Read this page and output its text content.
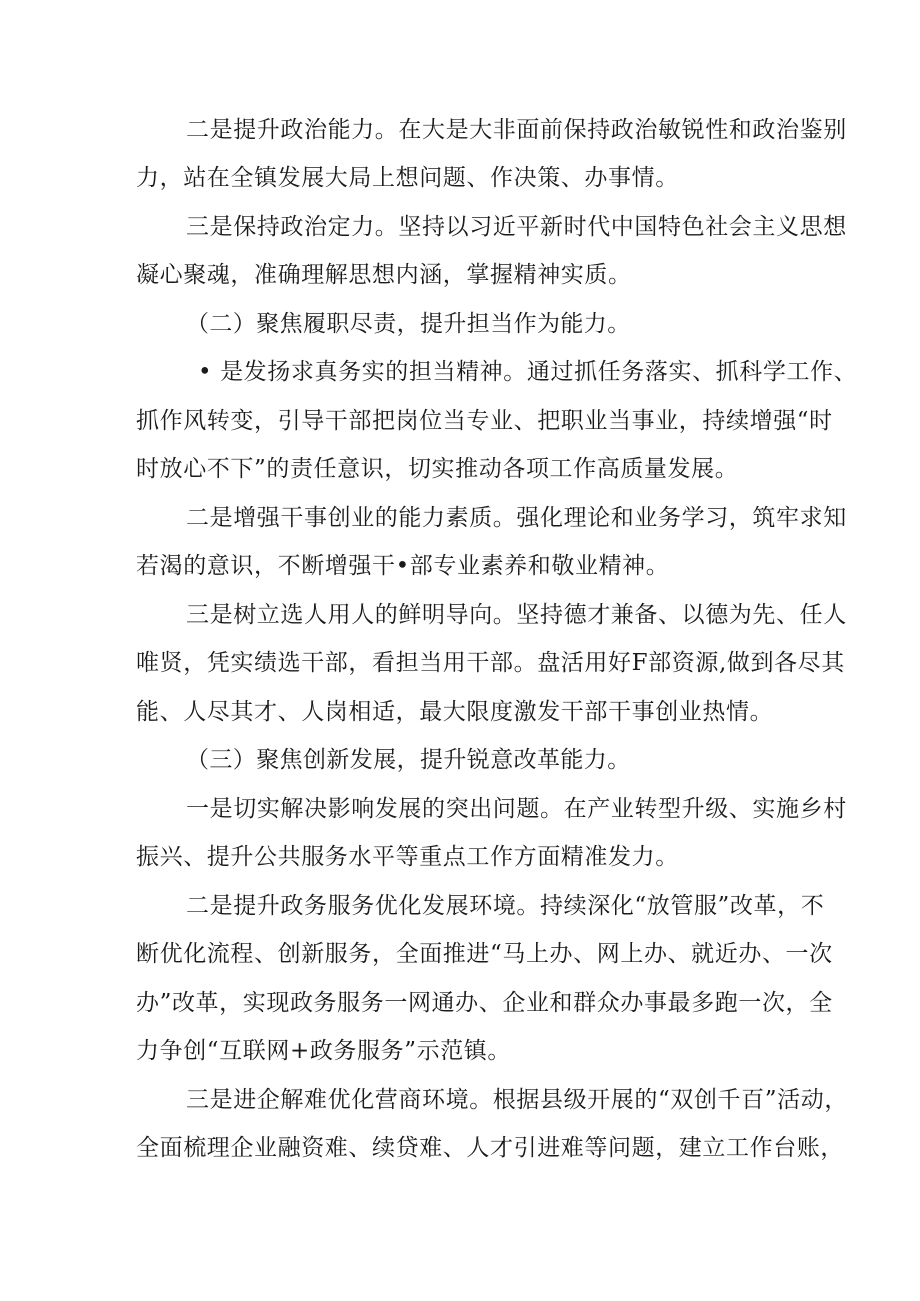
二是提升政治能力。在大是大非面前保持政治敏锐性和政治鉴别
力，站在全镇发展大局上想问题、作决策、办事情。
三是保持政治定力。坚持以习近平新时代中国特色社会主义思想
凝心聚魂，准确理解思想内涵，掌握精神实质。
（二）聚焦履职尽责，提升担当作为能力。
• 是发扬求真务实的担当精神。通过抓任务落实、抓科学工作、
抓作风转变，引导干部把岗位当专业、把职业当事业，持续增强“时
时放心不下”的责任意识，切实推动各项工作高质量发展。
二是增强干事创业的能力素质。强化理论和业务学习，筑牢求知
若渴的意识，不断增强干•部专业素养和敬业精神。
三是树立选人用人的鲜明导向。坚持德才兼备、以德为先、任人
唯贤，凭实绩选干部，看担当用干部。盘活用好F部资源,做到各尽其
能、人尽其才、人岗相适，最大限度激发干部干事创业热情。
（三）聚焦创新发展，提升锐意改革能力。
一是切实解决影响发展的突出问题。在产业转型升级、实施乡村
振兴、提升公共服务水平等重点工作方面精准发力。
二是提升政务服务优化发展环境。持续深化“放管服”改革，不
断优化流程、创新服务，全面推进“马上办、网上办、就近办、一次
办”改革，实现政务服务一网通办、企业和群众办事最多跑一次，全
力争创“互联网+政务服务”示范镇。
三是进企解难优化营商环境。根据县级开展的“双创千百”活动，
全面梳理企业融资难、续贷难、人才引进难等问题，建立工作台账，
